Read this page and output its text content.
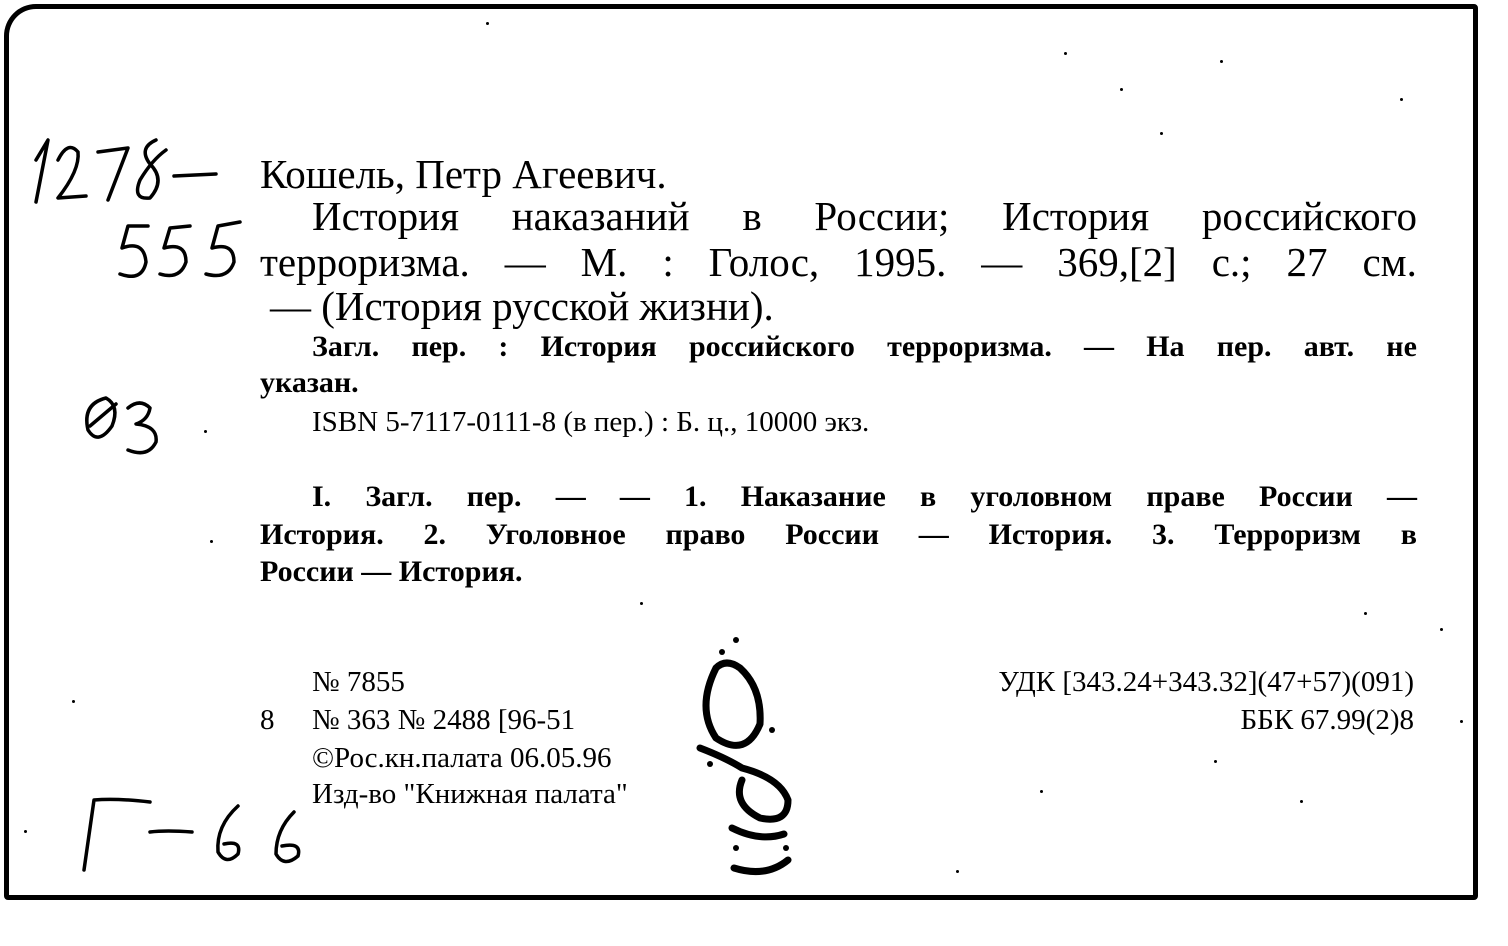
Кошель, Петр Агеевич.
История наказаний в России; История российского
терроризма. — М. : Голос, 1995. — 369,[2] с.; 27 см.
— (История русской жизни).
Загл. пер. : История российского терроризма. — На пер. авт. не
указан.
ISBN 5-7117-0111-8 (в пер.) : Б. ц., 10000 экз.
I. Загл. пер. — — 1. Наказание в уголовном праве России —
История. 2. Уголовное право России — История. 3. Терроризм в
России — История.
№ 7855
8 № 363 № 2488 [96-51
©Рос.кн.палата 06.05.96
Изд-во "Книжная палата"
УДК [343.24+343.32](47+57)(091)
ББК 67.99(2)8
